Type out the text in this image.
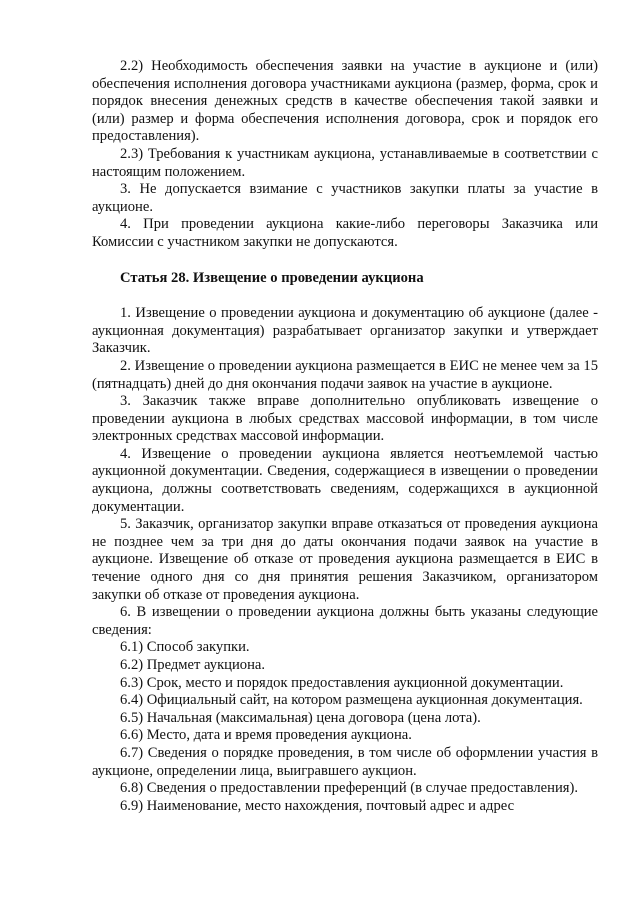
2.2) Необходимость обеспечения заявки на участие в аукционе и (или) обеспечения исполнения договора участниками аукциона (размер, форма, срок и порядок внесения денежных средств в качестве обеспечения такой заявки и (или) размер и форма обеспечения исполнения договора, срок и порядок его предоставления).

2.3) Требования к участникам аукциона, устанавливаемые в соответствии с настоящим положением.

3. Не допускается взимание с участников закупки платы за участие в аукционе.

4. При проведении аукциона какие-либо переговоры Заказчика или Комиссии с участником закупки не допускаются.

Статья 28. Извещение о проведении аукциона

1. Извещение о проведении аукциона и документацию об аукционе (далее - аукционная документация) разрабатывает организатор закупки и утверждает Заказчик.

2. Извещение о проведении аукциона размещается в ЕИС не менее чем за 15 (пятнадцать) дней до дня окончания подачи заявок на участие в аукционе.

3. Заказчик также вправе дополнительно опубликовать извещение о проведении аукциона в любых средствах массовой информации, в том числе электронных средствах массовой информации.

4. Извещение о проведении аукциона является неотъемлемой частью аукционной документации. Сведения, содержащиеся в извещении о проведении аукциона, должны соответствовать сведениям, содержащихся в аукционной документации.

5. Заказчик, организатор закупки вправе отказаться от проведения аукциона не позднее чем за три дня до даты окончания подачи заявок на участие в аукционе. Извещение об отказе от проведения аукциона размещается в ЕИС в течение одного дня со дня принятия решения Заказчиком, организатором закупки об отказе от проведения аукциона.

6. В извещении о проведении аукциона должны быть указаны следующие сведения:

6.1) Способ закупки.

6.2) Предмет аукциона.

6.3) Срок, место и порядок предоставления аукционной документации.

6.4) Официальный сайт, на котором размещена аукционная документация.

6.5) Начальная (максимальная) цена договора (цена лота).

6.6) Место, дата и время проведения аукциона.

6.7) Сведения о порядке проведения, в том числе об оформлении участия в аукционе, определении лица, выигравшего аукцион.

6.8) Сведения о предоставлении преференций (в случае предоставления).

6.9) Наименование, место нахождения, почтовый адрес и адрес
